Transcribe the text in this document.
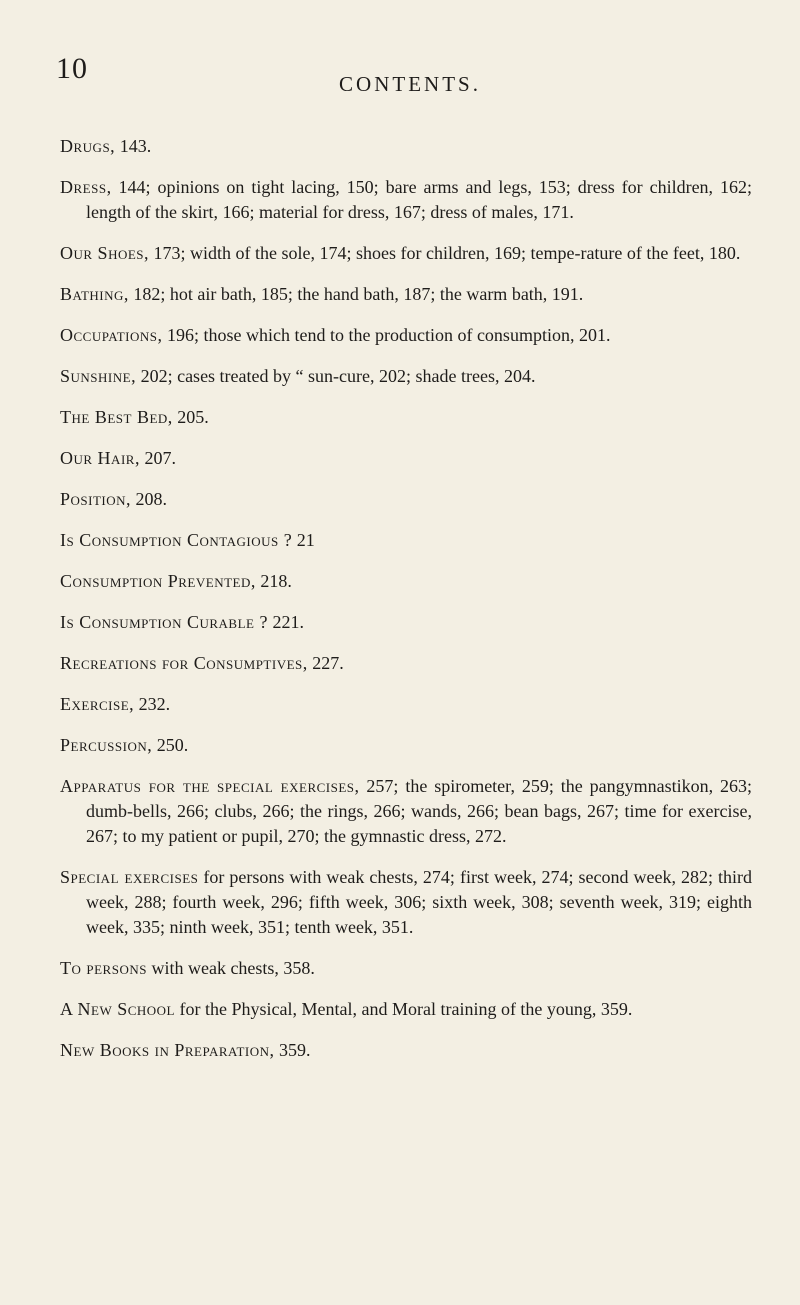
10	CONTENTS.

Drugs, 143.

Dress, 144; opinions on tight lacing, 150; bare arms and legs, 153; dress for children, 162; length of the skirt, 166; material for dress, 167; dress of males, 171.

Our Shoes, 173; width of the sole, 174; shoes for children, 169; tempe-rature of the feet, 180.

Bathing, 182; hot air bath, 185; the hand bath, 187; the warm bath, 191.

Occupations, 196; those which tend to the production of consumption, 201.

Sunshine, 202; cases treated by “ sun-cure, 202; shade trees, 204.

The Best Bed, 205.

Our Hair, 207.

Position, 208.

Is Consumption Contagious ? 21

Consumption Prevented, 218.

Is Consumption Curable ? 221.

Recreations for Consumptives, 227.

Exercise, 232.

Percussion, 250.

Apparatus for the special exercises, 257; the spirometer, 259; the pangymnastikon, 263; dumb-bells, 266; clubs, 266; the rings, 266; wands, 266; bean bags, 267; time for exercise, 267; to my patient or pupil, 270; the gymnastic dress, 272.

Special exercises for persons with weak chests, 274; first week, 274; second week, 282; third week, 288; fourth week, 296; fifth week, 306; sixth week, 308; seventh week, 319; eighth week, 335; ninth week, 351; tenth week, 351.

To persons with weak chests, 358.

A New School for the Physical, Mental, and Moral training of the young, 359.

New Books in Preparation, 359.
